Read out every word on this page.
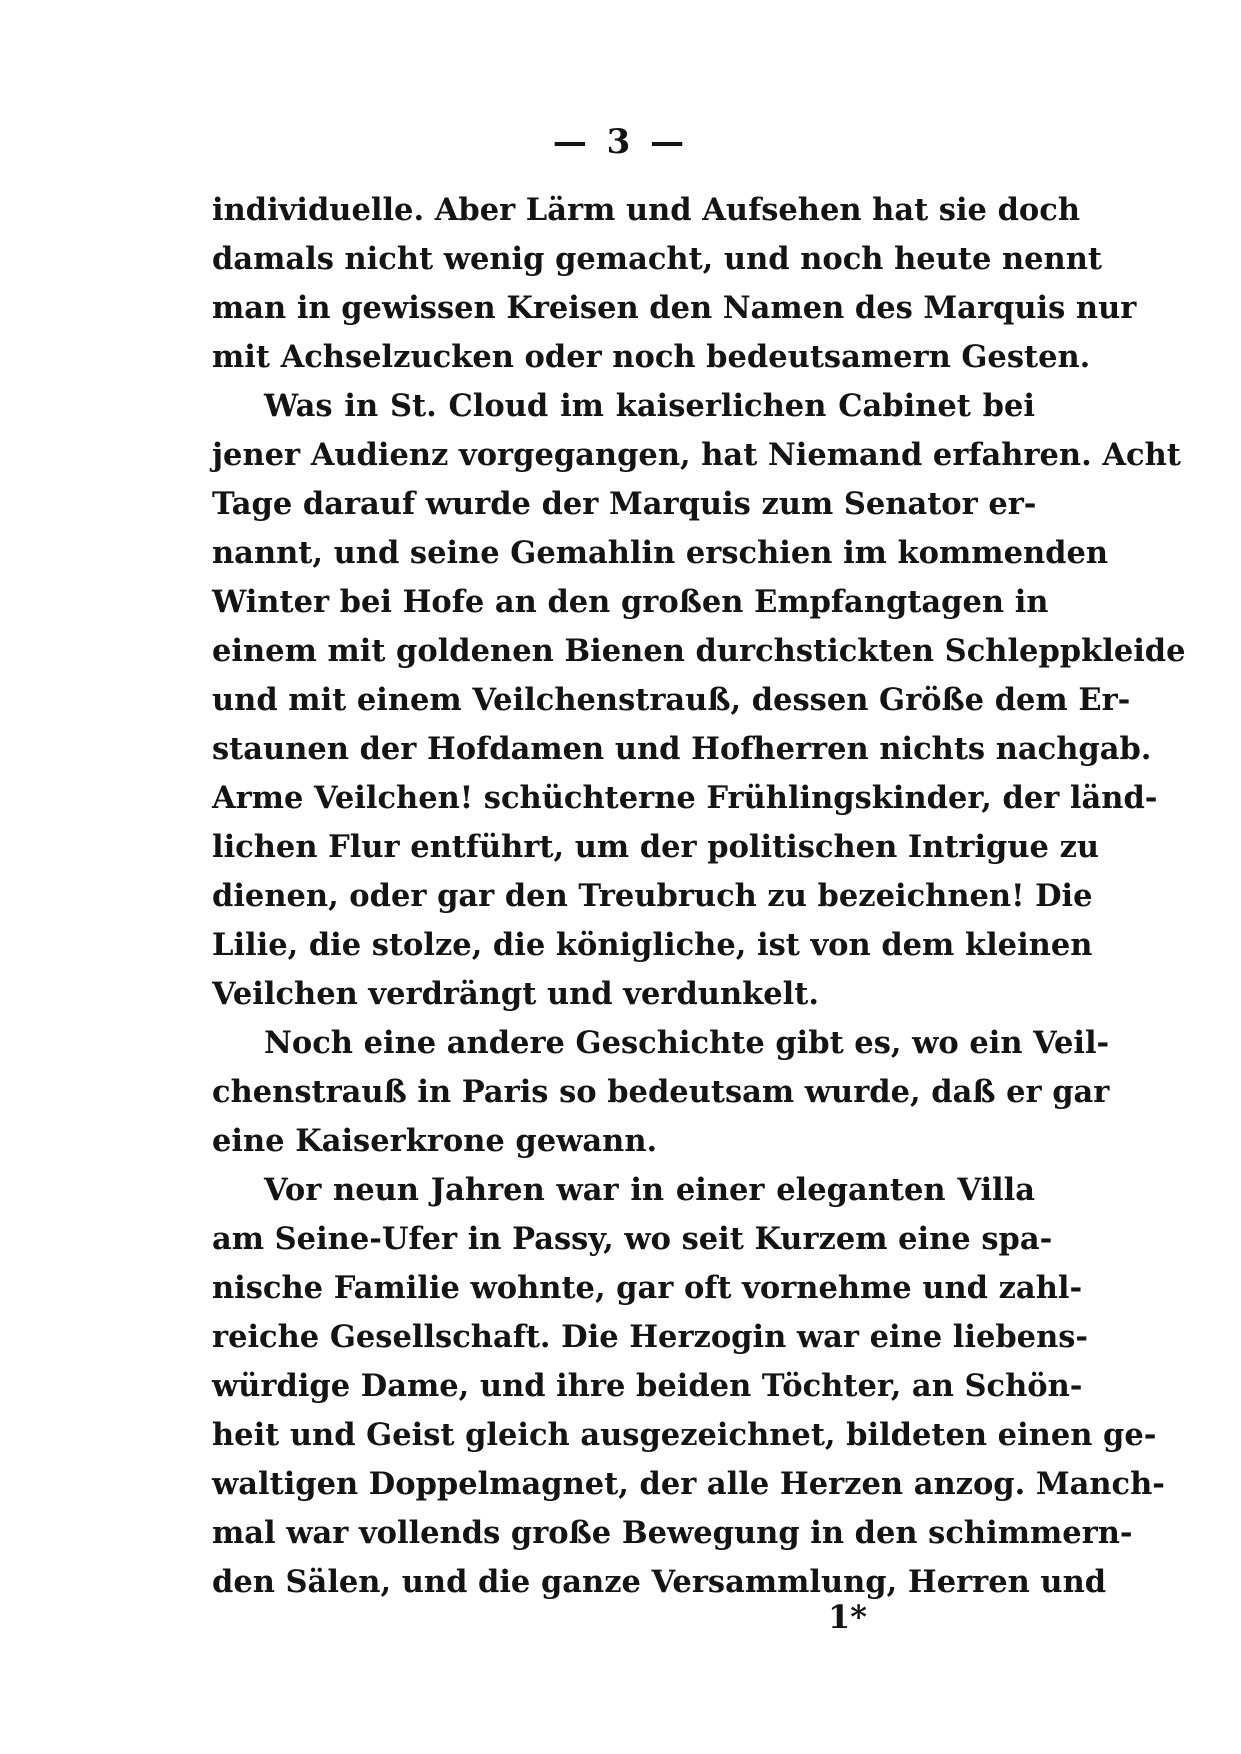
— 3 —
individuelle. Aber Lärm und Aufsehen hat sie doch
damals nicht wenig gemacht, und noch heute nennt
man in gewissen Kreisen den Namen des Marquis nur
mit Achselzucken oder noch bedeutsamern Gesten.
Was in St. Cloud im kaiserlichen Cabinet bei
jener Audienz vorgegangen, hat Niemand erfahren. Acht
Tage darauf wurde der Marquis zum Senator er-
nannt, und seine Gemahlin erschien im kommenden
Winter bei Hofe an den großen Empfangtagen in
einem mit goldenen Bienen durchstickten Schleppkleide
und mit einem Veilchenstrauß, dessen Größe dem Er-
staunen der Hofdamen und Hofherren nichts nachgab.
Arme Veilchen! schüchterne Frühlingskinder, der länd-
lichen Flur entführt, um der politischen Intrigue zu
dienen, oder gar den Treubruch zu bezeichnen! Die
Lilie, die stolze, die königliche, ist von dem kleinen
Veilchen verdrängt und verdunkelt.
Noch eine andere Geschichte gibt es, wo ein Veil-
chenstrauß in Paris so bedeutsam wurde, daß er gar
eine Kaiserkrone gewann.
Vor neun Jahren war in einer eleganten Villa
am Seine-Ufer in Passy, wo seit Kurzem eine spa-
nische Familie wohnte, gar oft vornehme und zahl-
reiche Gesellschaft. Die Herzogin war eine liebens-
würdige Dame, und ihre beiden Töchter, an Schön-
heit und Geist gleich ausgezeichnet, bildeten einen ge-
waltigen Doppelmagnet, der alle Herzen anzog. Manch-
mal war vollends große Bewegung in den schimmern-
den Sälen, und die ganze Versammlung, Herren und
1*
